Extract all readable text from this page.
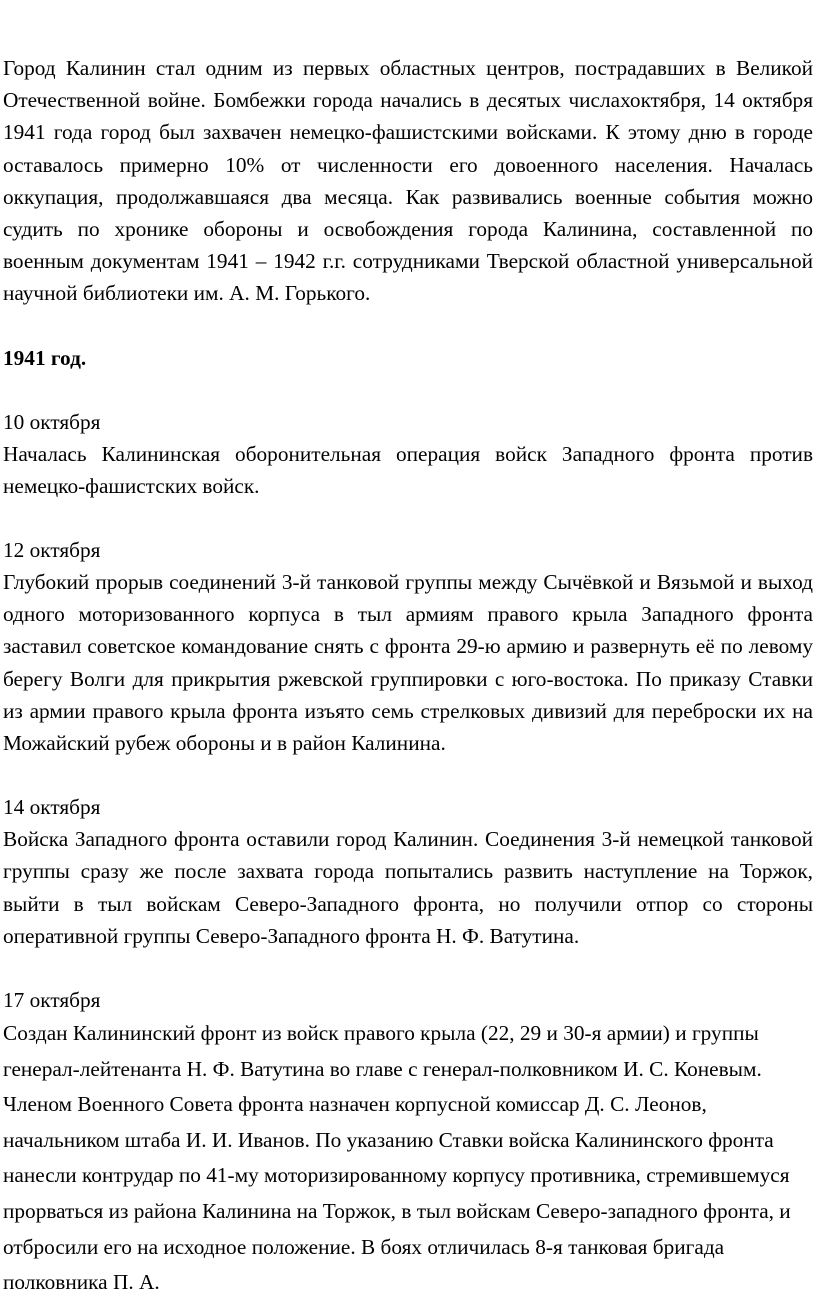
Город Калинин стал одним из первых областных центров, пострадавших в Великой Отечественной войне. Бомбежки города начались в десятых числахоктября, 14 октября 1941 года город был захвачен немецко-фашистскими войсками. К этому дню в городе оставалось примерно 10% от численности его довоенного населения. Началась оккупация, продолжавшаяся два месяца. Как развивались военные события можно судить по хронике обороны и освобождения города Калинина, составленной по военным документам 1941 – 1942 г.г. сотрудниками Тверской областной универсальной научной библиотеки им. А. М. Горького.

1941 год.

10 октября

Началась Калининская оборонительная операция войск Западного фронта против немецко-фашистских войск.

12 октября

Глубокий прорыв соединений 3-й танковой группы между Сычёвкой и Вязьмой и выход одного моторизованного корпуса в тыл армиям правого крыла Западного фронта заставил советское командование снять с фронта 29-ю армию и развернуть её по левому берегу Волги для прикрытия ржевской группировки с юго-востока. По приказу Ставки из армии правого крыла фронта изъято семь стрелковых дивизий для переброски их на Можайский рубеж обороны и в район Калинина.

14 октября

Войска Западного фронта оставили город Калинин. Соединения 3-й немецкой танковой группы сразу же после захвата города попытались развить наступление на Торжок, выйти в тыл войскам Северо-Западного фронта, но получили отпор со стороны оперативной группы Северо-Западного фронта Н. Ф. Ватутина.

17 октября

Создан Калининский фронт из войск правого крыла (22, 29 и 30-я армии) и группы генерал-лейтенанта Н. Ф. Ватутина во главе с генерал-полковником И. С. Коневым. Членом Военного Совета фронта назначен корпусной комиссар Д. С. Леонов, начальником штаба И. И. Иванов. По указанию Ставки войска Калининского фронта нанесли контрудар по 41-му моторизированному корпусу противника, стремившемуся прорваться из района Калинина на Торжок, в тыл войскам Северо-западного фронта, и отбросили его на исходное положение. В боях отличилась 8-я танковая бригада полковника П. А.
